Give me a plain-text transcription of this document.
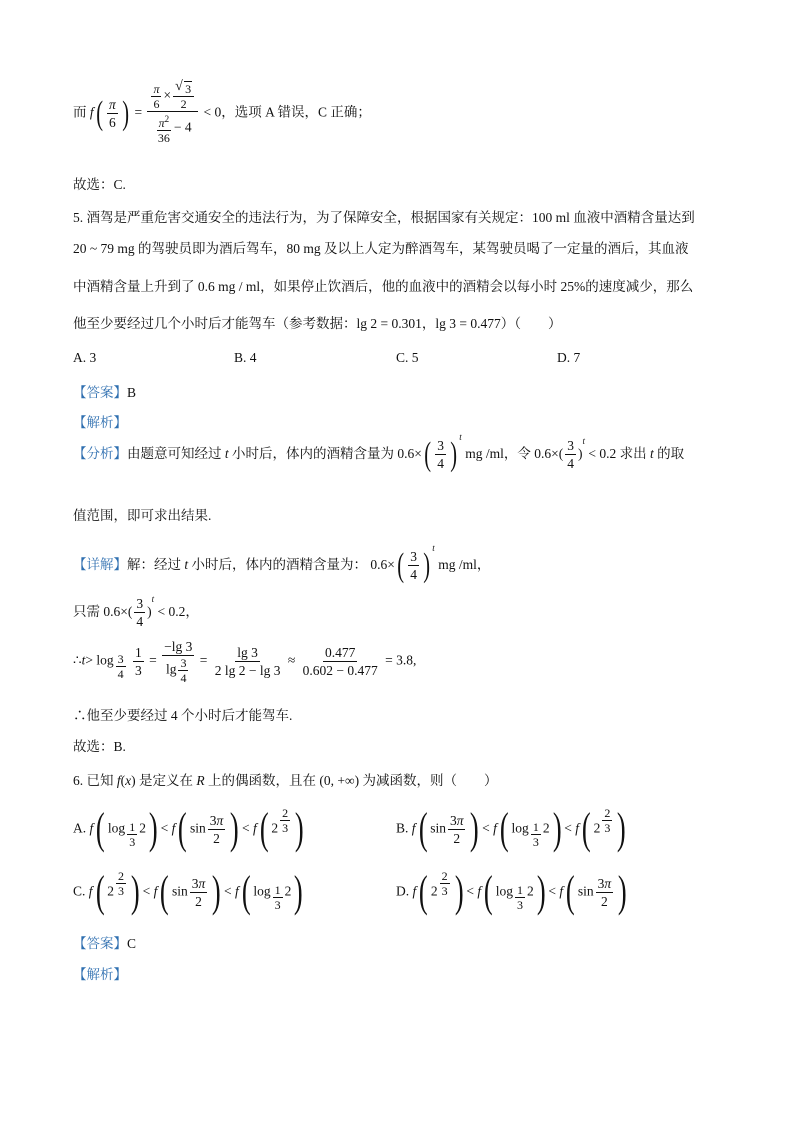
而 $f( \frac{\pi}{6}$ ) = $\frac{\pi}{6}$ ×
√ $\frac{3}{2}$
$\frac{\pi^2}{36} - 4 < 0$，选项 A 错误，C 正确；
故选：C.
5. 酒驾是严重危害交通安全的违法行为，为了保障安全，根据国家有关规定：100 ml 血液中酒精含量达到
20 ~ 79 mg 的驾驶员即为酒后驾车，80 mg 及以上人定为醉酒驾车，某驾驶员喝了一定量的酒后，其血液
中酒精含量上升到了 0.6 mg / ml，如果停止饮酒后，他的血液中的酒精会以每小时 25%的速度减少，那么
他至少要经过几个小时后才能驾车（参考数据：lg 2 = 0.301，lg 3 = 0.477）（　　）
A. 3	B. 4	C. 5	D. 7
【答案】B
【解析】
【分析】由题意可知经过 t 小时后，体内的酒精含量为 $0.6\times( \frac{3}{4}$ ) $^t$ mg /ml，令 $0.6\times( \frac{3}{4} )^t < 0.2$ 求出 t 的取
值范围，即可求出结果.
【详解】解：经过 t 小时后，体内的酒精含量为： $0.6\times( \frac{3}{4}$ ) $^t$ mg /ml，
只需 $0.6\times( \frac{3}{4} )^t < 0.2$，
∴t> log $_{\frac{3}{4}}$
$\frac{1}{3} = \frac{-\lg 3}{\lg \frac{3}{4}} = \frac{\lg 3}{2 \lg 2 - \lg 3} \approx \frac{0.477}{0.602 - 0.477} = 3.8$,
∴他至少要经过 4 个小时后才能驾车.
故选：B.
6. 已知 f(x) 是定义在 R 上的偶函数，且在 (0, +∞) 为减函数，则（　　）
A. f( log $_{\frac{1}{3}}$ 2) < f( $\sin \frac{3\pi}{2}$ ) < f( 2 $^{\frac{2}{3}}$ )	B. f( $\sin \frac{3\pi}{2}$ ) < f( log $_{\frac{1}{3}}$ 2) < f( 2 $^{\frac{2}{3}}$ )
C. f( 2 $^{\frac{2}{3}}$ ) < f( $\sin \frac{3\pi}{2}$ ) < f( log $_{\frac{1}{3}}$ 2)	D. f( 2 $^{\frac{2}{3}}$ ) < f( log $_{\frac{1}{3}}$ 2) < f( $\sin \frac{3\pi}{2}$ )
【答案】C
【解析】
